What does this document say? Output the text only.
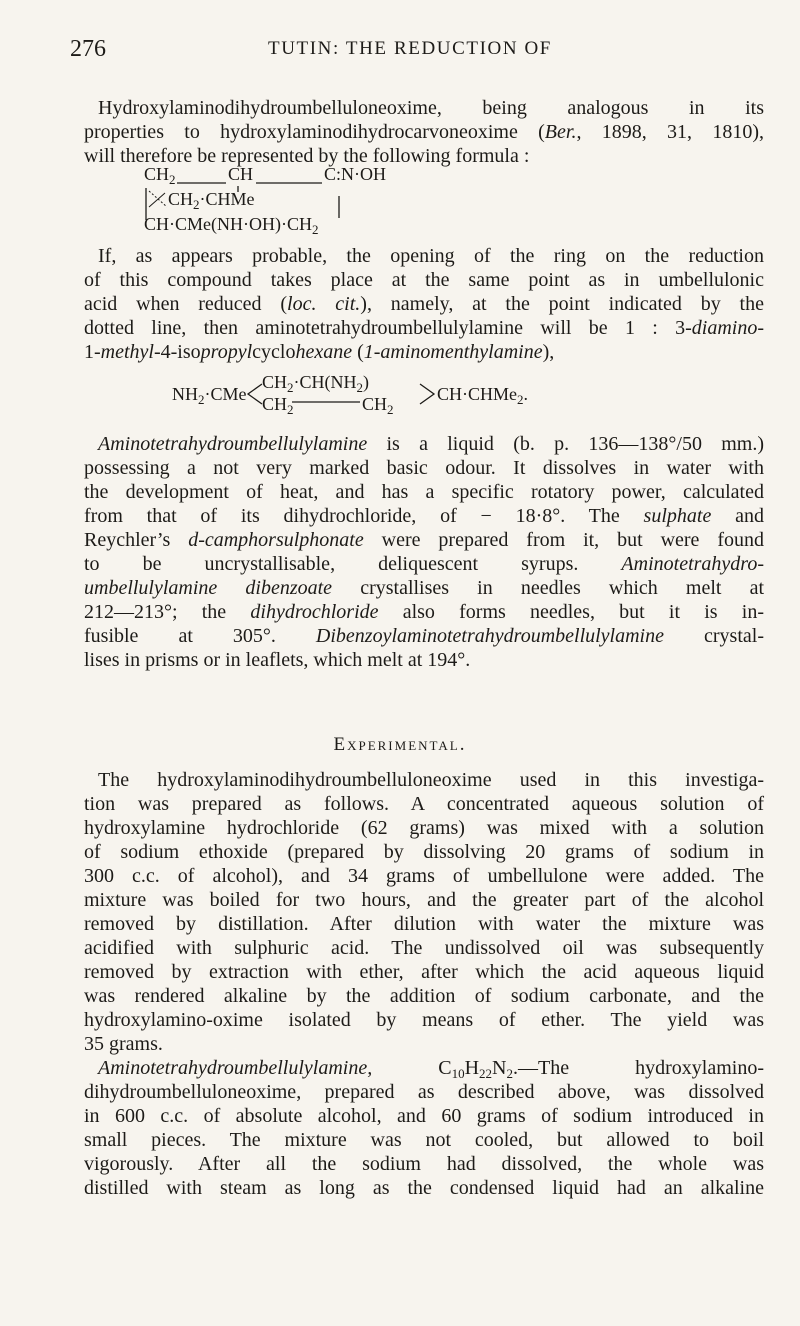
276	TUTIN: THE REDUCTION OF
Hydroxylaminodihydroumbelluloneoxime, being analogous in its
properties to hydroxylaminodihydrocarvoneoxime (Ber., 1898, 31, 1810),
will therefore be represented by the following formula :
$CH_2$	CH	C:N·OH
$CH_2\cdot CHMe$
$CH\cdot CMe(NH\cdot OH)\cdot CH_2$
If, as appears probable, the opening of the ring on the reduction
of this compound takes place at the same point as in umbellulonic
acid when reduced (loc. cit.), namely, at the point indicated by the
dotted line, then aminotetrahydroumbellulylamine will be 1 : 3-diamino-
1-methyl-4-isopropylcyclohexane (1-aminomenthylamine),
$NH_2\cdot CMe$
$CH_2\cdot CH(NH_2)$
$CH_2$	$CH_2$
CH·CHMe$_2$.
Aminotetrahydroumbellulylamine is a liquid (b. p. 136—138°/50 mm.)
possessing a not very marked basic odour. It dissolves in water with
the development of heat, and has a specific rotatory power, calculated
from that of its dihydrochloride, of − 18·8°. The sulphate and
Reychler’s d-camphorsulphonate were prepared from it, but were found
to be uncrystallisable, deliquescent syrups. Aminotetrahydro-
umbellulylamine dibenzoate crystallises in needles which melt at
212—213°; the dihydrochloride also forms needles, but it is in-
fusible at 305°. Dibenzoylaminotetrahydroumbellulylamine crystal-
lises in prisms or in leaflets, which melt at 194°.
Experimental.
The hydroxylaminodihydroumbelluloneoxime used in this investiga-
tion was prepared as follows. A concentrated aqueous solution of
hydroxylamine hydrochloride (62 grams) was mixed with a solution
of sodium ethoxide (prepared by dissolving 20 grams of sodium in
300 c.c. of alcohol), and 34 grams of umbellulone were added. The
mixture was boiled for two hours, and the greater part of the alcohol
removed by distillation. After dilution with water the mixture was
acidified with sulphuric acid. The undissolved oil was subsequently
removed by extraction with ether, after which the acid aqueous liquid
was rendered alkaline by the addition of sodium carbonate, and the
hydroxylamino-oxime isolated by means of ether. The yield was
35 grams.
Aminotetrahydroumbellulylamine, $C_{10}H_{22}N_2.—The$ hydroxylamino-
dihydroumbelluloneoxime, prepared as described above, was dissolved
in 600 c.c. of absolute alcohol, and 60 grams of sodium introduced in
small pieces. The mixture was not cooled, but allowed to boil
vigorously. After all the sodium had dissolved, the whole was
distilled with steam as long as the condensed liquid had an alkaline
